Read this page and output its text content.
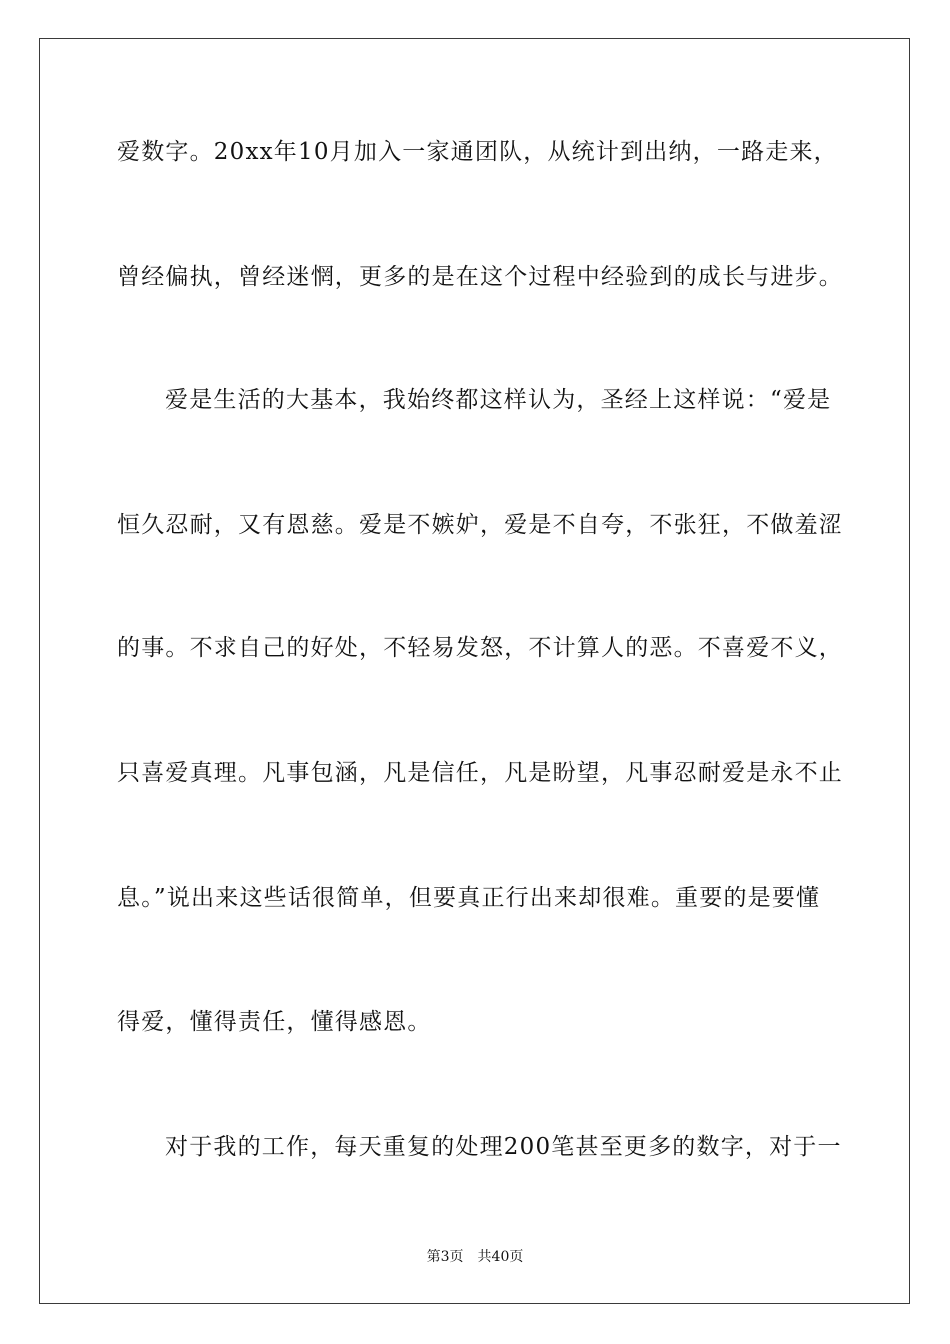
爱数字。20xx年10月加入一家通团队，从统计到出纳，一路走来，
曾经偏执，曾经迷惘，更多的是在这个过程中经验到的成长与进步。
爱是生活的大基本，我始终都这样认为，圣经上这样说：“爱是
恒久忍耐，又有恩慈。爱是不嫉妒，爱是不自夸，不张狂，不做羞涩
的事。不求自己的好处，不轻易发怒，不计算人的恶。不喜爱不义，
只喜爱真理。凡事包涵，凡是信任，凡是盼望，凡事忍耐爱是永不止
息。”说出来这些话很简单，但要真正行出来却很难。重要的是要懂
得爱，懂得责任，懂得感恩。
对于我的工作，每天重复的处理200笔甚至更多的数字，对于一
第3页 共40页
